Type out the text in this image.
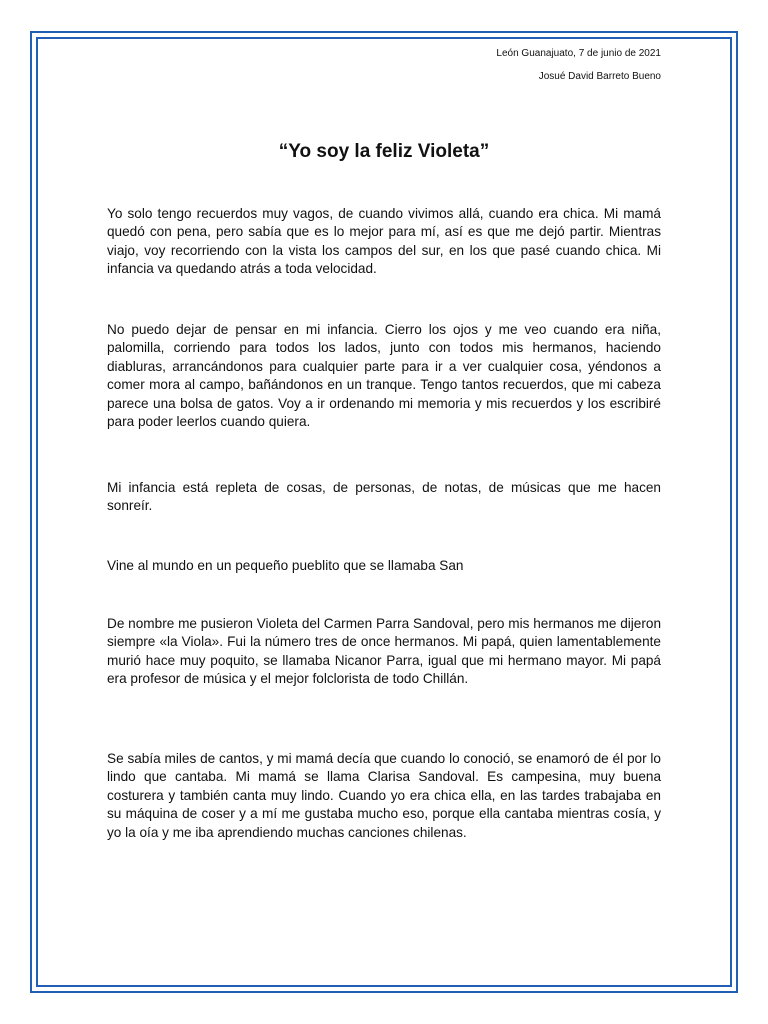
León Guanajuato, 7 de junio de 2021
Josué David Barreto Bueno
“Yo soy la feliz Violeta”

Yo solo tengo recuerdos muy vagos, de cuando vivimos allá, cuando era chica. Mi mamá quedó con pena, pero sabía que es lo mejor para mí, así es que me dejó partir. Mientras viajo, voy recorriendo con la vista los campos del sur, en los que pasé cuando chica. Mi infancia va quedando atrás a toda velocidad.

No puedo dejar de pensar en mi infancia. Cierro los ojos y me veo cuando era niña, palomilla, corriendo para todos los lados, junto con todos mis hermanos, haciendo diabluras, arrancándonos para cualquier parte para ir a ver cualquier cosa, yéndonos a comer mora al campo, bañándonos en un tranque. Tengo tantos recuerdos, que mi cabeza parece una bolsa de gatos. Voy a ir ordenando mi memoria y mis recuerdos y los escribiré para poder leerlos cuando quiera.

Mi infancia está repleta de cosas, de personas, de notas, de músicas que me hacen sonreír.

Vine al mundo en un pequeño pueblito que se llamaba San

De nombre me pusieron Violeta del Carmen Parra Sandoval, pero mis hermanos me dijeron siempre «la Viola». Fui la número tres de once hermanos. Mi papá, quien lamentablemente murió hace muy poquito, se llamaba Nicanor Parra, igual que mi hermano mayor. Mi papá era profesor de música y el mejor folclorista de todo Chillán.

Se sabía miles de cantos, y mi mamá decía que cuando lo conoció, se enamoró de él por lo lindo que cantaba. Mi mamá se llama Clarisa Sandoval. Es campesina, muy buena costurera y también canta muy lindo. Cuando yo era chica ella, en las tardes trabajaba en su máquina de coser y a mí me gustaba mucho eso, porque ella cantaba mientras cosía, y yo la oía y me iba aprendiendo muchas canciones chilenas.
